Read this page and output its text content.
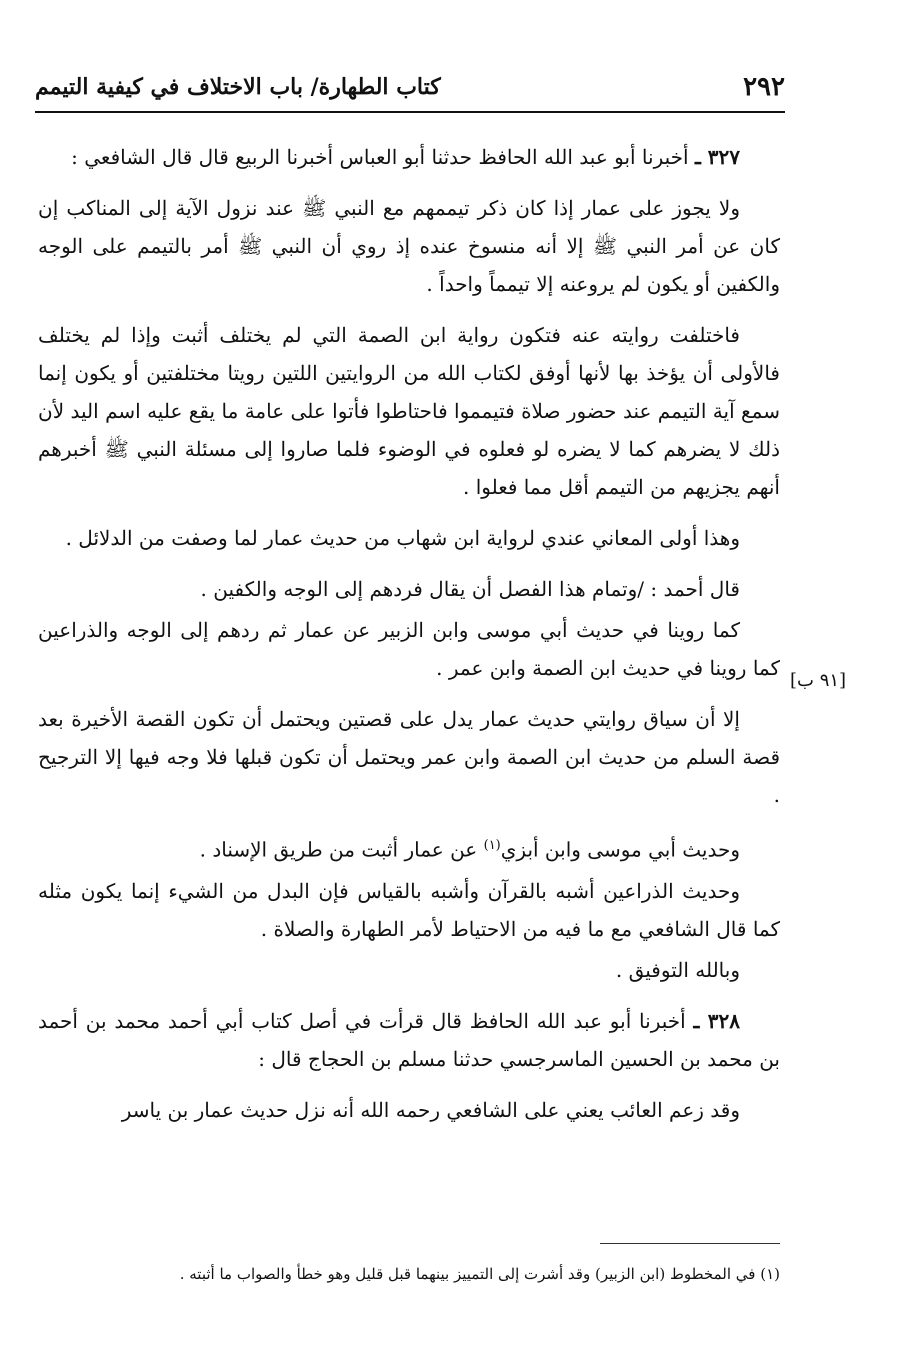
٢٩٢
كتاب الطهارة/ باب الاختلاف في كيفية التيمم
[٩١ ب]

٣٢٧ ـ أخبرنا أبو عبد الله الحافظ حدثنا أبو العباس أخبرنا الربيع قال قال الشافعي :

ولا يجوز على عمار إذا كان ذكر تيممهم مع النبي ﷺ عند نزول الآية إلى المناكب إن كان عن أمر النبي ﷺ إلا أنه منسوخ عنده إذ روي أن النبي ﷺ أمر بالتيمم على الوجه والكفين أو يكون لم يروعنه إلا تيمماً واحداً .

فاختلفت روايته عنه فتكون رواية ابن الصمة التي لم يختلف أثبت وإذا لم يختلف فالأولى أن يؤخذ بها لأنها أوفق لكتاب الله من الروايتين اللتين رويتا مختلفتين أو يكون إنما سمع آية التيمم عند حضور صلاة فتيمموا فاحتاطوا فأتوا على عامة ما يقع عليه اسم اليد لأن ذلك لا يضرهم كما لا يضره لو فعلوه في الوضوء فلما صاروا إلى مسئلة النبي ﷺ أخبرهم أنهم يجزيهم من التيمم أقل مما فعلوا .

وهذا أولى المعاني عندي لرواية ابن شهاب من حديث عمار لما وصفت من الدلائل .

قال أحمد : /وتمام هذا الفصل أن يقال فردهم إلى الوجه والكفين .

كما روينا في حديث أبي موسى وابن الزبير عن عمار ثم ردهم إلى الوجه والذراعين كما روينا في حديث ابن الصمة وابن عمر .

إلا أن سياق روايتي حديث عمار يدل على قصتين ويحتمل أن تكون القصة الأخيرة بعد قصة السلم من حديث ابن الصمة وابن عمر ويحتمل أن تكون قبلها فلا وجه فيها إلا الترجيح .

وحديث أبي موسى وابن أبزي$^{(١)}$ عن عمار أثبت من طريق الإسناد .

وحديث الذراعين أشبه بالقرآن وأشبه بالقياس فإن البدل من الشيء إنما يكون مثله كما قال الشافعي مع ما فيه من الاحتياط لأمر الطهارة والصلاة .

وبالله التوفيق .

٣٢٨ ـ أخبرنا أبو عبد الله الحافظ قال قرأت في أصل كتاب أبي أحمد محمد بن أحمد بن محمد بن الحسين الماسرجسي حدثنا مسلم بن الحجاج قال :

وقد زعم العائب يعني على الشافعي رحمه الله أنه نزل حديث عمار بن ياسر

(١) في المخطوط (ابن الزبير) وقد أشرت إلى التمييز بينهما قبل قليل وهو خطأ والصواب ما أثبته .
